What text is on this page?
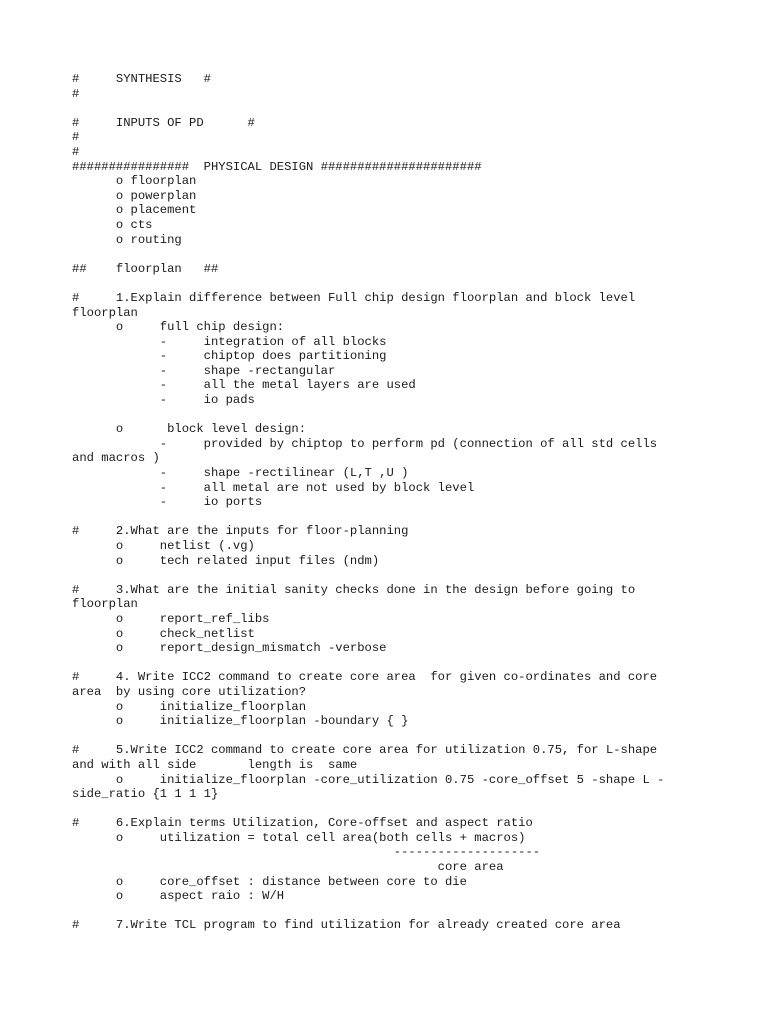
#     SYNTHESIS   #
#
#     INPUTS OF PD      #
#
#
################  PHYSICAL DESIGN ######################
o floorplan
o powerplan
o placement
o cts
o routing
##    floorplan   ##
#     1.Explain difference between Full chip design floorplan and block level
floorplan
o     full chip design:
-     integration of all blocks
-     chiptop does partitioning
-     shape -rectangular
-     all the metal layers are used
-     io pads
o      block level design:
-     provided by chiptop to perform pd (connection of all std cells
and macros )
-     shape -rectilinear (L,T ,U )
-     all metal are not used by block level
-     io ports
#     2.What are the inputs for floor-planning
o     netlist (.vg)
o     tech related input files (ndm)
#     3.What are the initial sanity checks done in the design before going to
floorplan
o     report_ref_libs
o     check_netlist
o     report_design_mismatch -verbose
#     4. Write ICC2 command to create core area  for given co-ordinates and core
area  by using core utilization?
o     initialize_floorplan
o     initialize_floorplan -boundary { }
#     5.Write ICC2 command to create core area for utilization 0.75, for L-shape
and with all side       length is  same
o     initialize_floorplan -core_utilization 0.75 -core_offset 5 -shape L -
side_ratio {1 1 1 1}
#     6.Explain terms Utilization, Core-offset and aspect ratio
o     utilization = total cell area(both cells + macros)
--------------------
core area
o     core_offset : distance between core to die
o     aspect raio : W/H
#     7.Write TCL program to find utilization for already created core area
